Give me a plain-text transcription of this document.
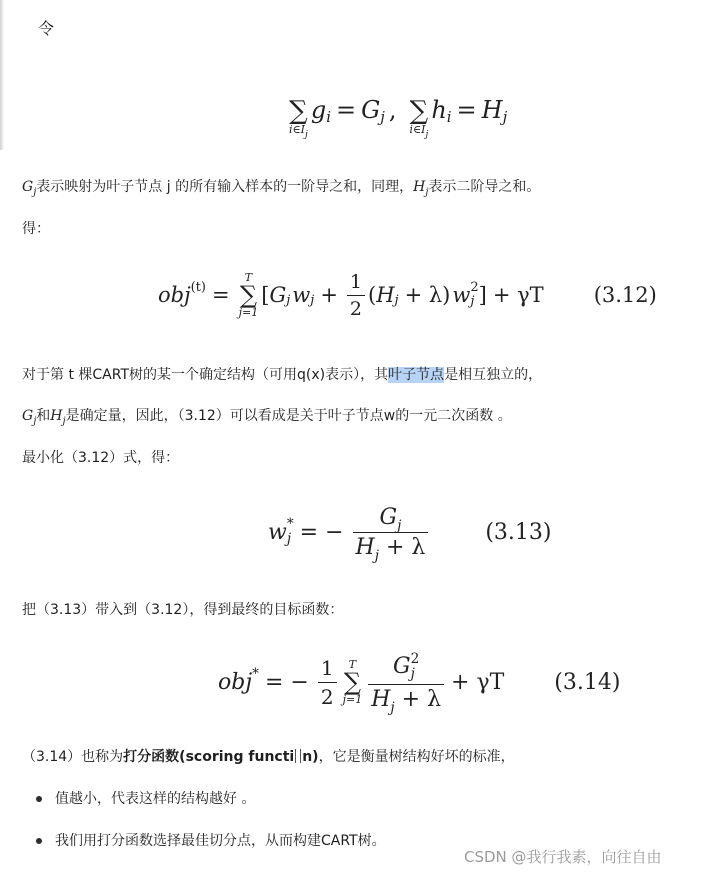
令
∑
$i\in I_j$
g i = G j , ∑
$i\in I_j$
h i = H j
$G_j$表示映射为叶子节点 j 的所有输入样本的一阶导之和，同理，$H_j$表示二阶导之和。
得：
obj (t) =
T
∑
j=1
[ G j w $j + \frac{1}{2}$ ( H j + λ) w 2
j ] + γT (3.12)
对于第 t 棵CART树的某一个确定结构（可用q(x)表示），其叶子节点是相互独立的，
$G_j$和$H_j$是确定量，因此，（3.12）可以看成是关于叶子节点w的一元二次函数 。
最小化（3.12）式，得：
w *
j = − $\frac{G_j}{H_j + \lambda}$	(3.13)
把（3.13）带入到（3.12），得到最终的目标函数：
obj * = − $\frac{1}{2}$ T
∑
j=1 G 2
j
$H_j + \lambda + \gamma T$ (3.14)
（3.14）也称为打分函数(scoring functi n)，它是衡量树结构好坏的标准，
值越小，代表这样的结构越好 。
我们用打分函数选择最佳切分点，从而构建CART树。
CSDN @我行我素，向往自由
